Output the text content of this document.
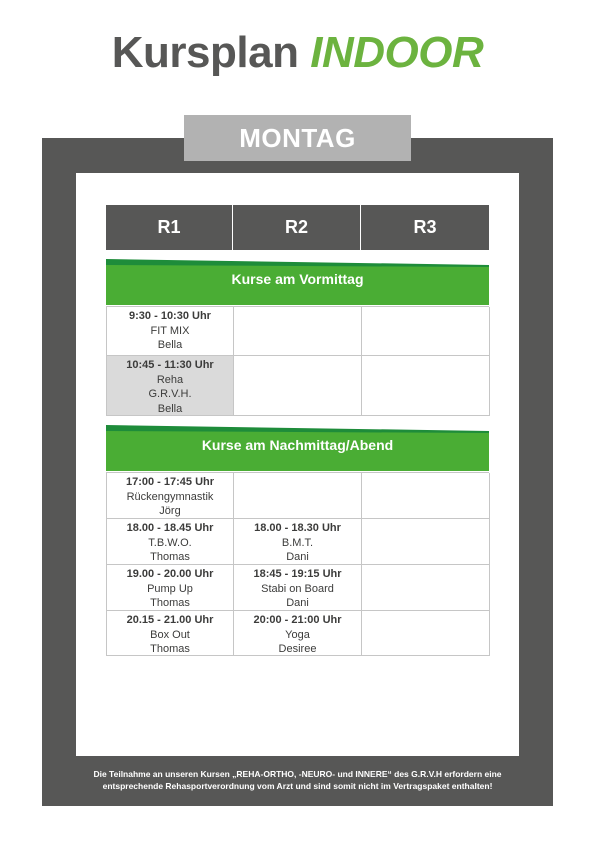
Kursplan INDOOR
MONTAG
R1	R2	R3
Kurse am Vormittag
9:30 - 10:30 Uhr
FIT MIX
Bella
10:45 - 11:30 Uhr
Reha
G.R.V.H.
Bella
Kurse am Nachmittag/Abend
17:00 - 17:45 Uhr
Rückengymnastik
Jörg
18.00 - 18.45 Uhr
T.B.W.O.
Thomas
18.00 - 18.30 Uhr
B.M.T.
Dani
19.00 - 20.00 Uhr
Pump Up
Thomas
18:45 - 19:15 Uhr
Stabi on Board
Dani
20.15 - 21.00 Uhr
Box Out
Thomas
20:00 - 21:00 Uhr
Yoga
Desiree
Die Teilnahme an unseren Kursen „REHA-ORTHO, -NEURO- und INNERE“ des G.R.V.H erfordern eine
entsprechende Rehasportverordnung vom Arzt und sind somit nicht im Vertragspaket enthalten!
